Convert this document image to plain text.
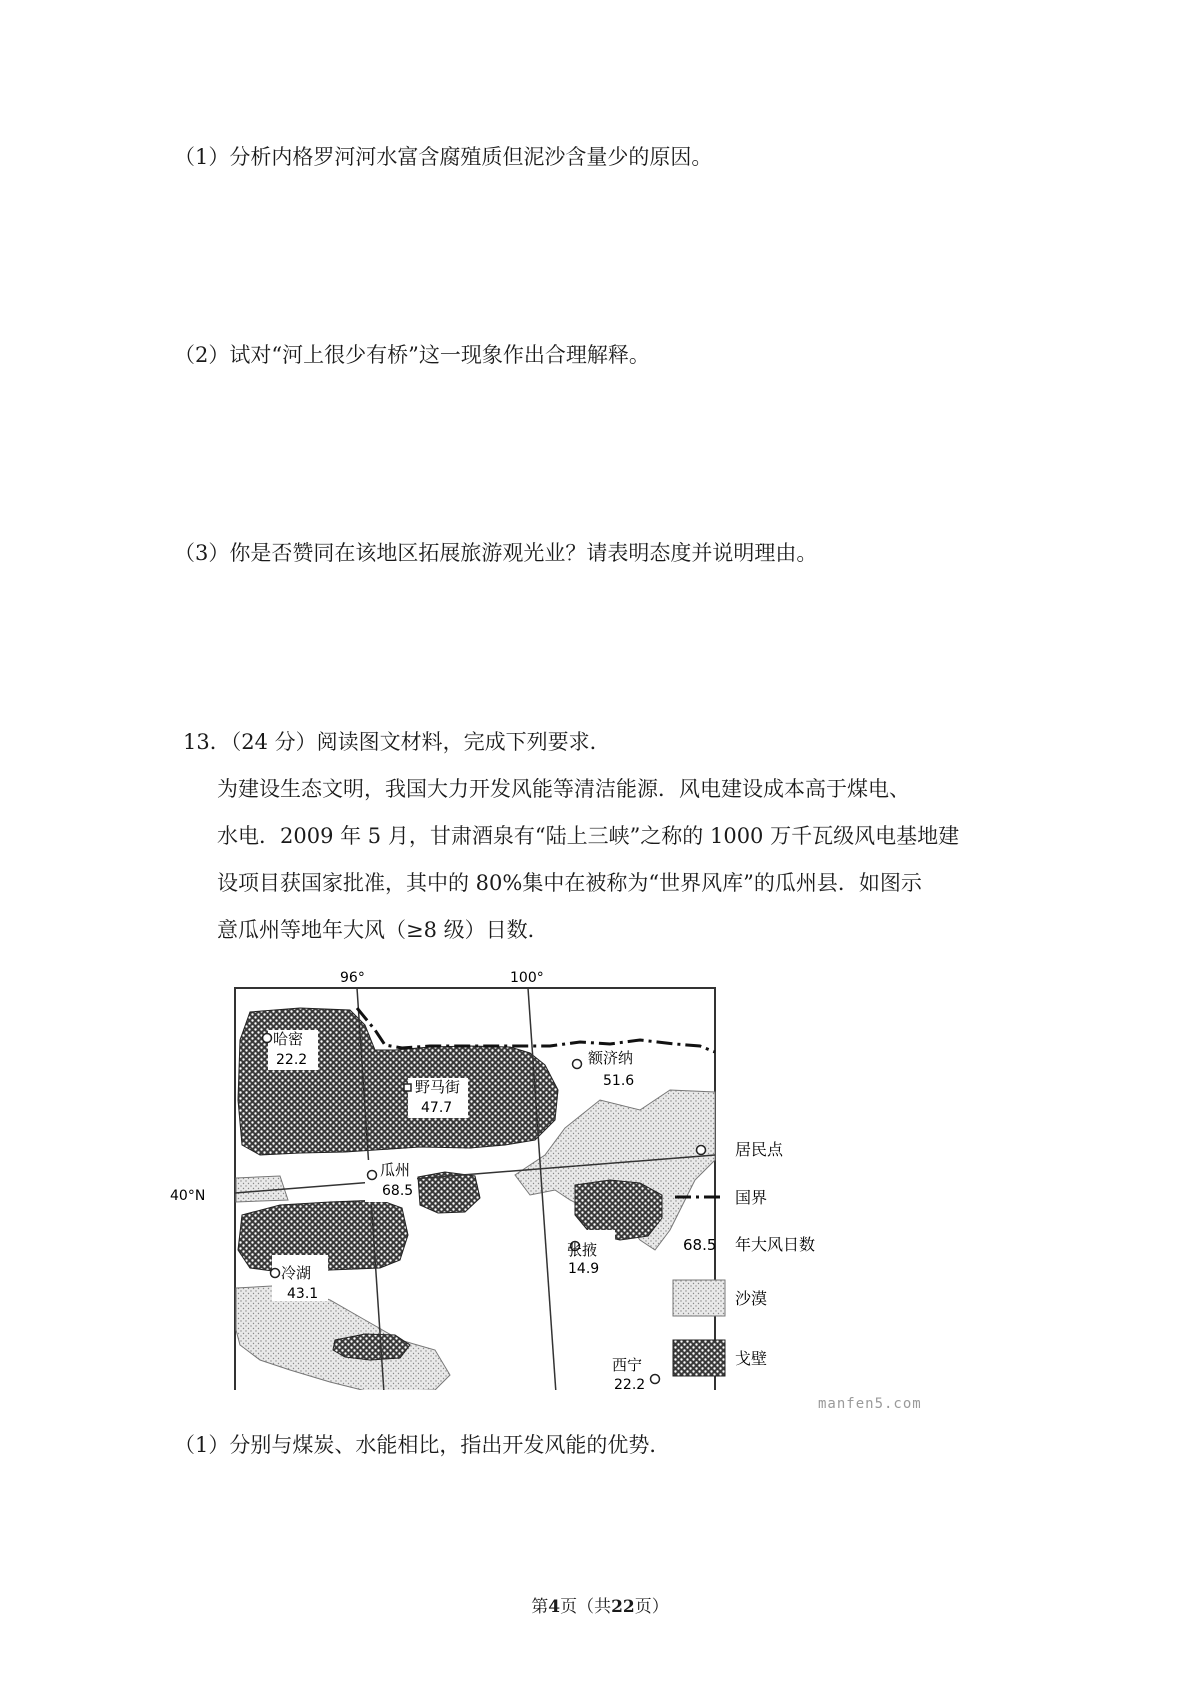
（1）分析内格罗河河水富含腐殖质但泥沙含量少的原因。
（2）试对“河上很少有桥”这一现象作出合理解释。
（3）你是否赞同在该地区拓展旅游观光业？请表明态度并说明理由。
13．（24 分）阅读图文材料，完成下列要求．
为建设生态文明，我国大力开发风能等清洁能源．风电建设成本高于煤电、
水电．2009 年 5 月，甘肃酒泉有“陆上三峡”之称的 1000 万千瓦级风电基地建
设项目获国家批准，其中的 80%集中在被称为“世界风库”的瓜州县．如图示
意瓜州等地年大风（≥8 级）日数．
96°	100°
40°N
哈密
22.2
野马街
47.7
额济纳
51.6
瓜州
68.5
冷湖
43.1
张掖
14.9
西宁
22.2
居民点
国界
68.5 年大风日数
沙漠
戈壁
manfen5.com
（1）分别与煤炭、水能相比，指出开发风能的优势．
第4页（共22页）
